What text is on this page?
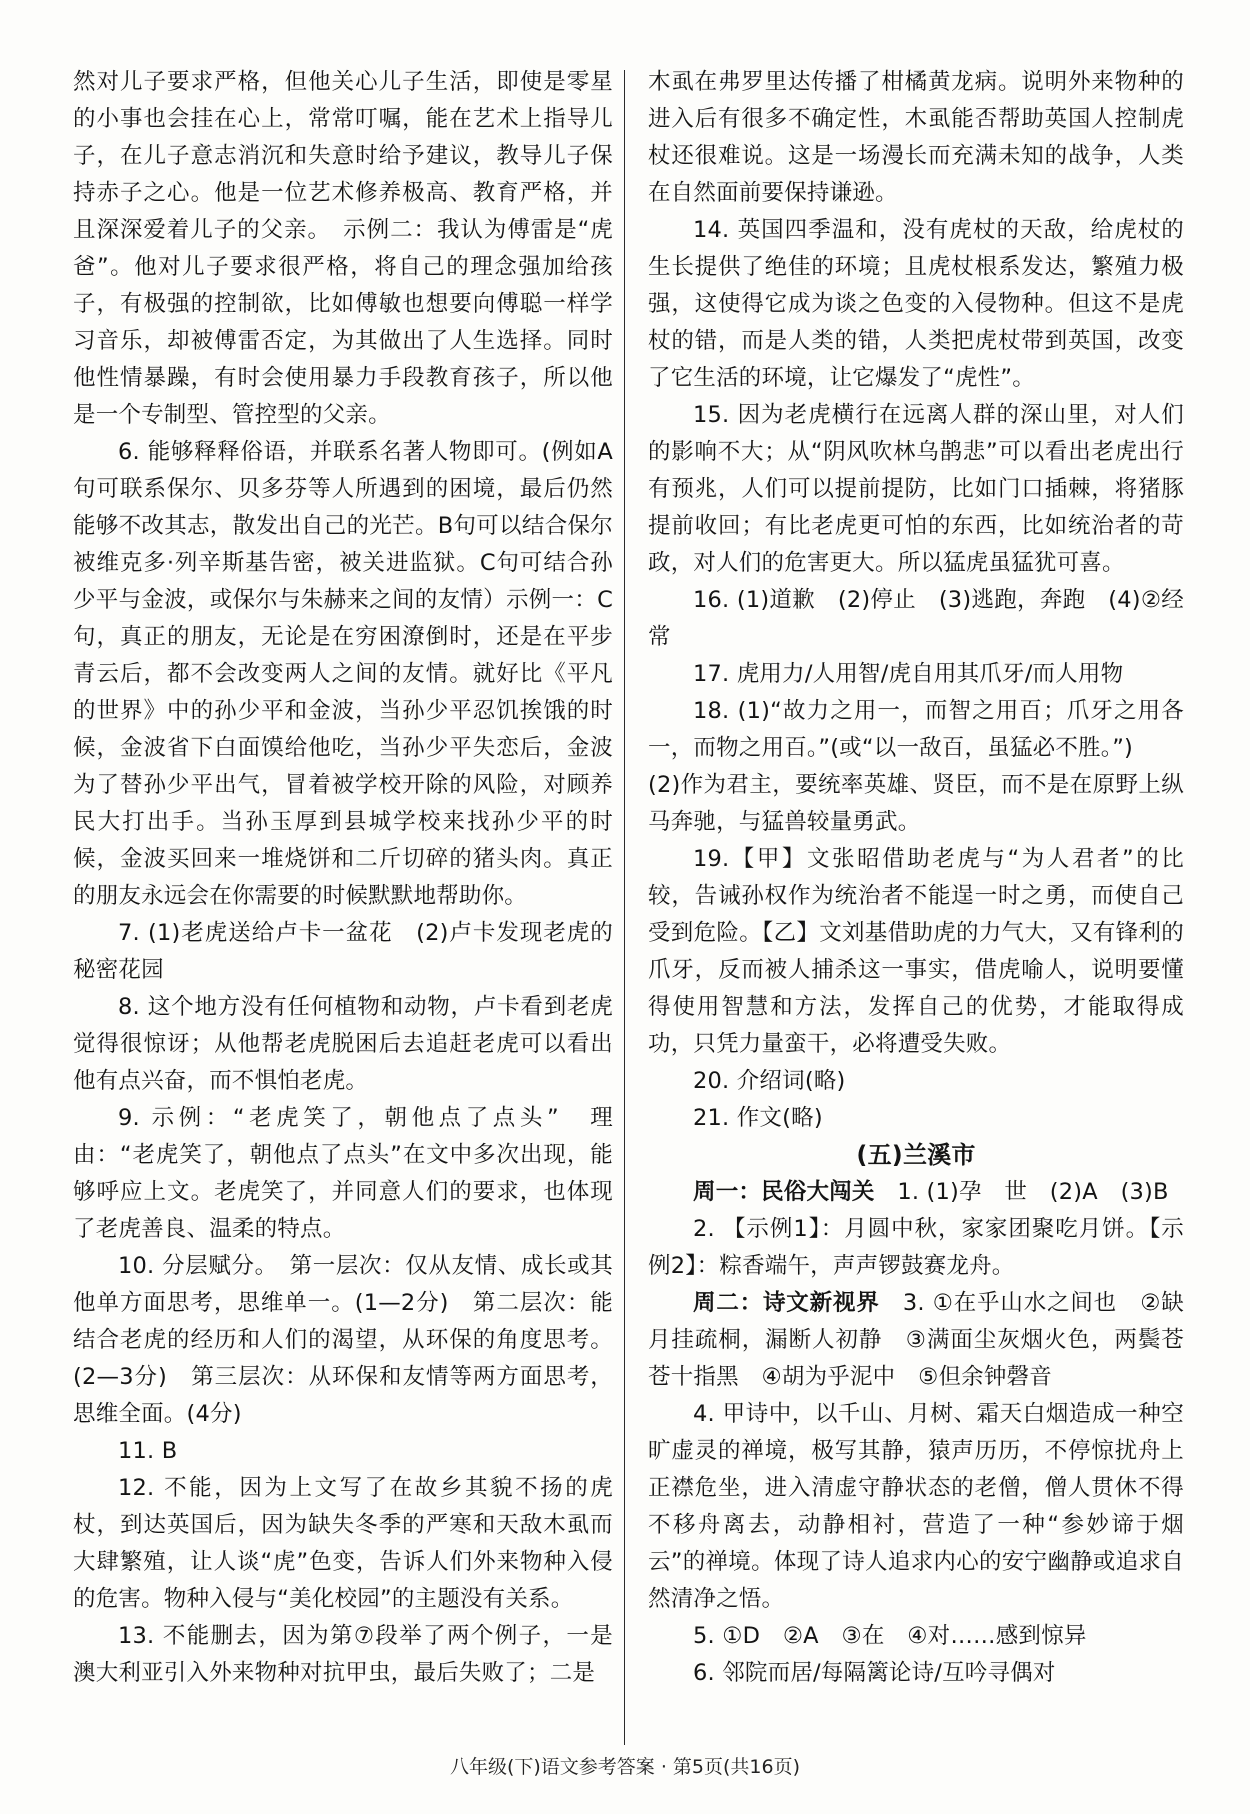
然对儿子要求严格，但他关心儿子生活，即使是零星的小事也会挂在心上，常常叮嘱，能在艺术上指导儿子，在儿子意志消沉和失意时给予建议，教导儿子保持赤子之心。他是一位艺术修养极高、教育严格，并且深深爱着儿子的父亲。　示例二：我认为傅雷是“虎爸”。他对儿子要求很严格，将自己的理念强加给孩子，有极强的控制欲，比如傅敏也想要向傅聪一样学习音乐，却被傅雷否定，为其做出了人生选择。同时他性情暴躁，有时会使用暴力手段教育孩子，所以他是一个专制型、管控型的父亲。

6. 能够释释俗语，并联系名著人物即可。(例如A句可联系保尔、贝多芬等人所遇到的困境，最后仍然能够不改其志，散发出自己的光芒。B句可以结合保尔被维克多·列辛斯基告密，被关进监狱。C句可结合孙少平与金波，或保尔与朱赫来之间的友情）示例一：C句，真正的朋友，无论是在穷困潦倒时，还是在平步青云后，都不会改变两人之间的友情。就好比《平凡的世界》中的孙少平和金波，当孙少平忍饥挨饿的时候，金波省下白面馍给他吃，当孙少平失恋后，金波为了替孙少平出气，冒着被学校开除的风险，对顾养民大打出手。当孙玉厚到县城学校来找孙少平的时候，金波买回来一堆烧饼和二斤切碎的猪头肉。真正的朋友永远会在你需要的时候默默地帮助你。

7. (1)老虎送给卢卡一盆花　(2)卢卡发现老虎的秘密花园

8. 这个地方没有任何植物和动物，卢卡看到老虎觉得很惊讶；从他帮老虎脱困后去追赶老虎可以看出他有点兴奋，而不惧怕老虎。

9. 示例：“老虎笑了，朝他点了点头”　理由：“老虎笑了，朝他点了点头”在文中多次出现，能够呼应上文。老虎笑了，并同意人们的要求，也体现了老虎善良、温柔的特点。

10. 分层赋分。　第一层次：仅从友情、成长或其他单方面思考，思维单一。(1—2分)　第二层次：能结合老虎的经历和人们的渴望，从环保的角度思考。(2—3分)　第三层次：从环保和友情等两方面思考，思维全面。(4分)

11. B

12. 不能，因为上文写了在故乡其貌不扬的虎杖，到达英国后，因为缺失冬季的严寒和天敌木虱而大肆繁殖，让人谈“虎”色变，告诉人们外来物种入侵的危害。物种入侵与“美化校园”的主题没有关系。

13. 不能删去，因为第⑦段举了两个例子，一是澳大利亚引入外来物种对抗甲虫，最后失败了；二是

木虱在弗罗里达传播了柑橘黄龙病。说明外来物种的进入后有很多不确定性，木虱能否帮助英国人控制虎杖还很难说。这是一场漫长而充满未知的战争，人类在自然面前要保持谦逊。

14. 英国四季温和，没有虎杖的天敌，给虎杖的生长提供了绝佳的环境；且虎杖根系发达，繁殖力极强，这使得它成为谈之色变的入侵物种。但这不是虎杖的错，而是人类的错，人类把虎杖带到英国，改变了它生活的环境，让它爆发了“虎性”。

15. 因为老虎横行在远离人群的深山里，对人们的影响不大；从“阴风吹林乌鹊悲”可以看出老虎出行有预兆，人们可以提前提防，比如门口插棘，将猪豚提前收回；有比老虎更可怕的东西，比如统治者的苛政，对人们的危害更大。所以猛虎虽猛犹可喜。

16. (1)道歉　(2)停止　(3)逃跑，奔跑　(4)②经常

17. 虎用力/人用智/虎自用其爪牙/而人用物

18. (1)“故力之用一，而智之用百；爪牙之用各一，而物之用百。”(或“以一敌百，虽猛必不胜。”)

(2)作为君主，要统率英雄、贤臣，而不是在原野上纵马奔驰，与猛兽较量勇武。

19.【甲】文张昭借助老虎与“为人君者”的比较，告诫孙权作为统治者不能逞一时之勇，而使自己受到危险。【乙】文刘基借助虎的力气大，又有锋利的爪牙，反而被人捕杀这一事实，借虎喻人，说明要懂得使用智慧和方法，发挥自己的优势，才能取得成功，只凭力量蛮干，必将遭受失败。

20. 介绍词(略)

21. 作文(略)

(五)兰溪市

周一：民俗大闯关　 1. (1)孕　世　(2)A　(3)B

2. 【示例1】：月圆中秋，家家团聚吃月饼。【示例2】：粽香端午，声声锣鼓赛龙舟。

周二：诗文新视界　 3. ①在乎山水之间也　②缺月挂疏桐，漏断人初静　③满面尘灰烟火色，两鬓苍苍十指黑　④胡为乎泥中　⑤但余钟磬音

4. 甲诗中，以千山、月树、霜天白烟造成一种空旷虚灵的禅境，极写其静，猿声历历，不停惊扰舟上正襟危坐，进入清虚守静状态的老僧，僧人贯休不得不移舟离去，动静相衬，营造了一种“参妙谛于烟云”的禅境。体现了诗人追求内心的安宁幽静或追求自然清净之悟。

5. ①D　②A　③在　④对……感到惊异

6. 邻院而居/每隔篱论诗/互吟寻偶对

八年级(下)语文参考答案 · 第5页(共16页)
